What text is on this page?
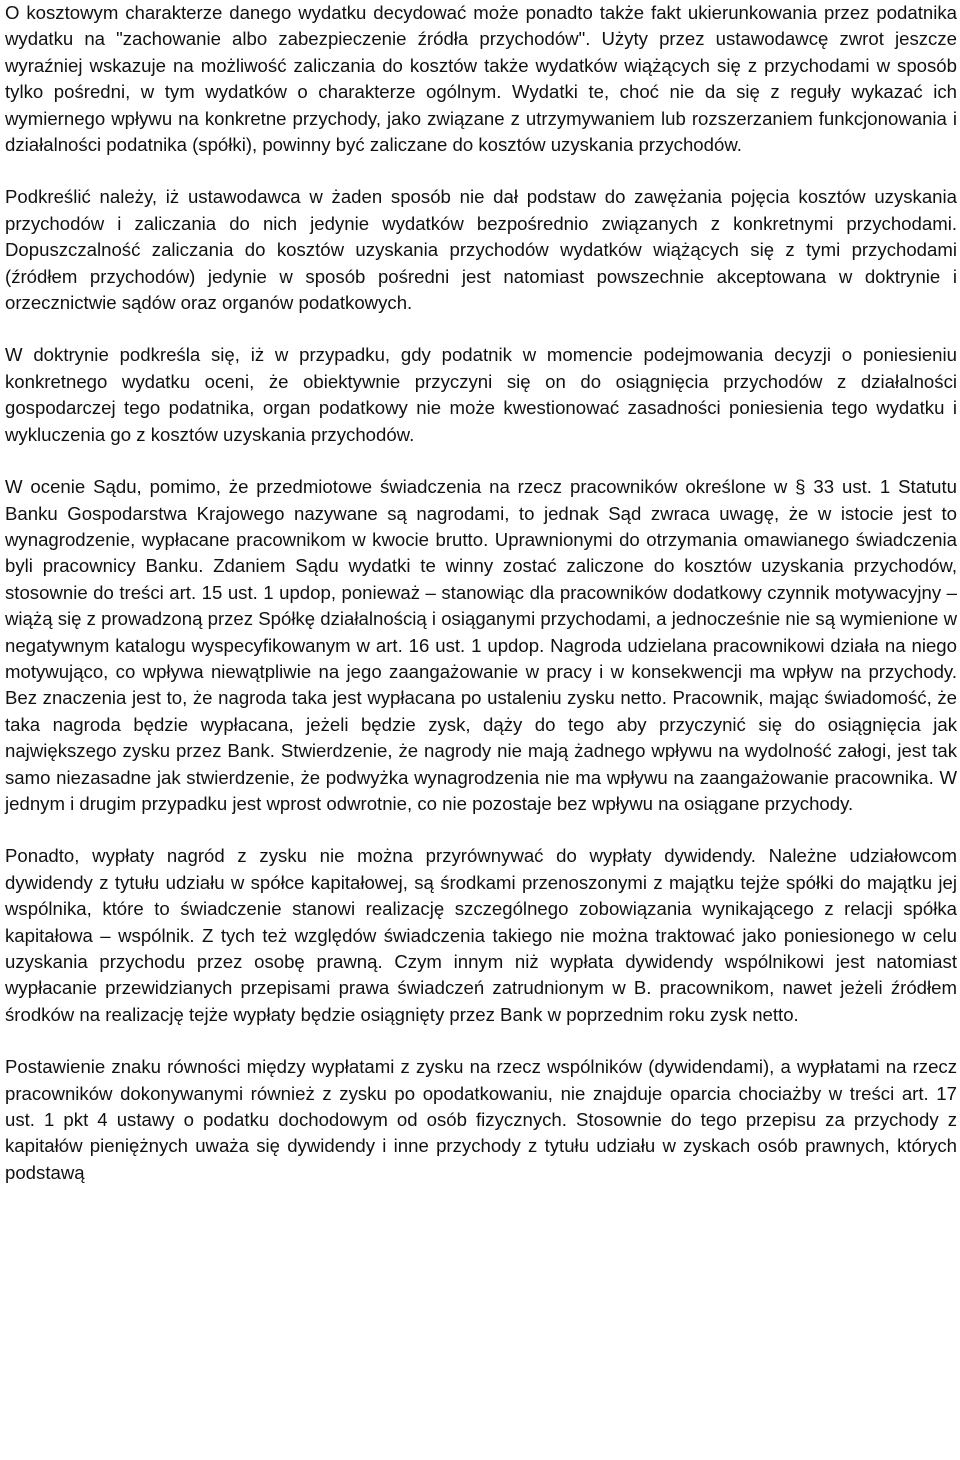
O kosztowym charakterze danego wydatku decydować może ponadto także fakt ukierunkowania przez podatnika wydatku na "zachowanie albo zabezpieczenie źródła przychodów". Użyty przez ustawodawcę zwrot jeszcze wyraźniej wskazuje na możliwość zaliczania do kosztów także wydatków wiążących się z przychodami w sposób tylko pośredni, w tym wydatków o charakterze ogólnym. Wydatki te, choć nie da się z reguły wykazać ich wymiernego wpływu na konkretne przychody, jako związane z utrzymywaniem lub rozszerzaniem funkcjonowania i działalności podatnika (spółki), powinny być zaliczane do kosztów uzyskania przychodów.

Podkreślić należy, iż ustawodawca w żaden sposób nie dał podstaw do zawężania pojęcia kosztów uzyskania przychodów i zaliczania do nich jedynie wydatków bezpośrednio związanych z konkretnymi przychodami. Dopuszczalność zaliczania do kosztów uzyskania przychodów wydatków wiążących się z tymi przychodami (źródłem przychodów) jedynie w sposób pośredni jest natomiast powszechnie akceptowana w doktrynie i orzecznictwie sądów oraz organów podatkowych.

W doktrynie podkreśla się, iż w przypadku, gdy podatnik w momencie podejmowania decyzji o poniesieniu konkretnego wydatku oceni, że obiektywnie przyczyni się on do osiągnięcia przychodów z działalności gospodarczej tego podatnika, organ podatkowy nie może kwestionować zasadności poniesienia tego wydatku i wykluczenia go z kosztów uzyskania przychodów.

W ocenie Sądu, pomimo, że przedmiotowe świadczenia na rzecz pracowników określone w § 33 ust. 1 Statutu Banku Gospodarstwa Krajowego nazywane są nagrodami, to jednak Sąd zwraca uwagę, że w istocie jest to wynagrodzenie, wypłacane pracownikom w kwocie brutto. Uprawnionymi do otrzymania omawianego świadczenia byli pracownicy Banku. Zdaniem Sądu wydatki te winny zostać zaliczone do kosztów uzyskania przychodów, stosownie do treści art. 15 ust. 1 updop, ponieważ – stanowiąc dla pracowników dodatkowy czynnik motywacyjny – wiążą się z prowadzoną przez Spółkę działalnością i osiąganymi przychodami, a jednocześnie nie są wymienione w negatywnym katalogu wyspecyfikowanym w art. 16 ust. 1 updop. Nagroda udzielana pracownikowi działa na niego motywująco, co wpływa niewątpliwie na jego zaangażowanie w pracy i w konsekwencji ma wpływ na przychody. Bez znaczenia jest to, że nagroda taka jest wypłacana po ustaleniu zysku netto. Pracownik, mając świadomość, że taka nagroda będzie wypłacana, jeżeli będzie zysk, dąży do tego aby przyczynić się do osiągnięcia jak największego zysku przez Bank. Stwierdzenie, że nagrody nie mają żadnego wpływu na wydolność załogi, jest tak samo niezasadne jak stwierdzenie, że podwyżka wynagrodzenia nie ma wpływu na zaangażowanie pracownika. W jednym i drugim przypadku jest wprost odwrotnie, co nie pozostaje bez wpływu na osiągane przychody.

Ponadto, wypłaty nagród z zysku nie można przyrównywać do wypłaty dywidendy. Należne udziałowcom dywidendy z tytułu udziału w spółce kapitałowej, są środkami przenoszonymi z majątku tejże spółki do majątku jej wspólnika, które to świadczenie stanowi realizację szczególnego zobowiązania wynikającego z relacji spółka kapitałowa – wspólnik. Z tych też względów świadczenia takiego nie można traktować jako poniesionego w celu uzyskania przychodu przez osobę prawną. Czym innym niż wypłata dywidendy wspólnikowi jest natomiast wypłacanie przewidzianych przepisami prawa świadczeń zatrudnionym w B. pracownikom, nawet jeżeli źródłem środków na realizację tejże wypłaty będzie osiągnięty przez Bank w poprzednim roku zysk netto.

Postawienie znaku równości między wypłatami z zysku na rzecz wspólników (dywidendami), a wypłatami na rzecz pracowników dokonywanymi również z zysku po opodatkowaniu, nie znajduje oparcia chociażby w treści art. 17 ust. 1 pkt 4 ustawy o podatku dochodowym od osób fizycznych. Stosownie do tego przepisu za przychody z kapitałów pieniężnych uważa się dywidendy i inne przychody z tytułu udziału w zyskach osób prawnych, których podstawą
